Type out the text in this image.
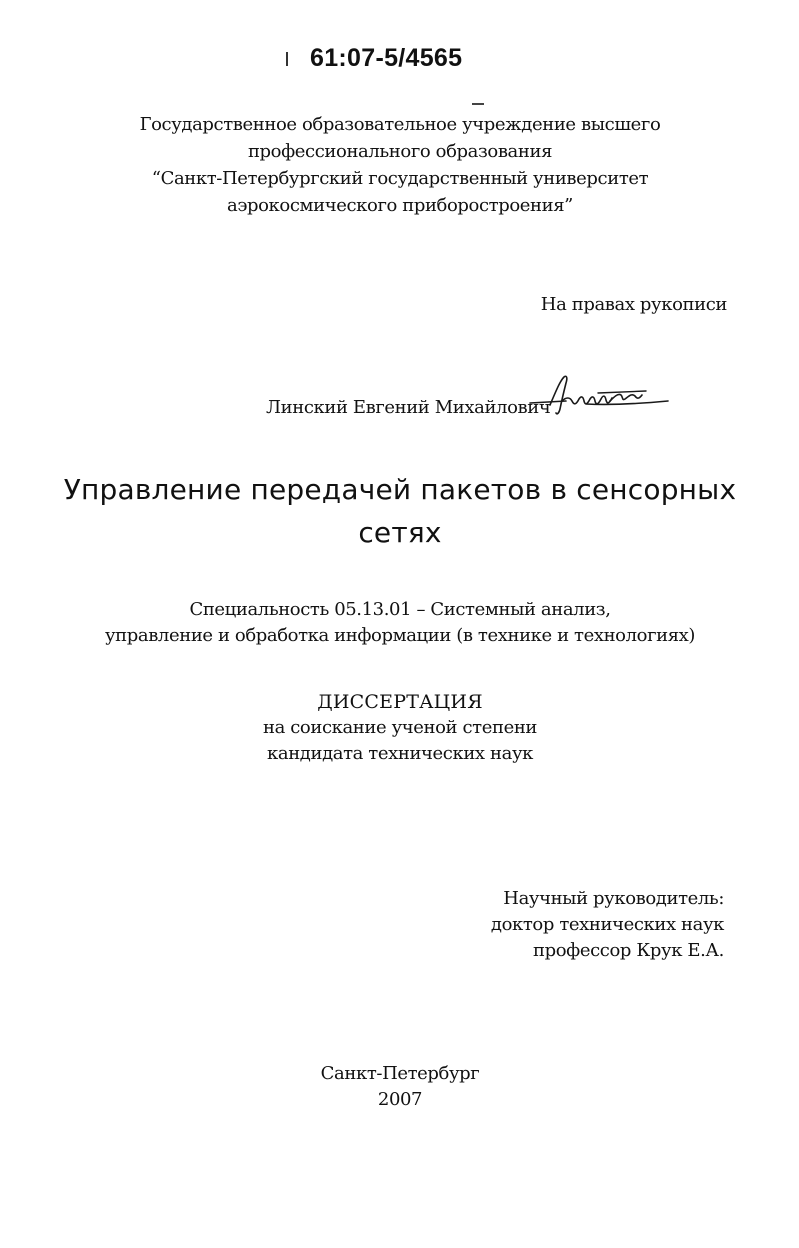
61:07-5/4565
Государственное образовательное учреждение высшего
профессионального образования
“Санкт-Петербургский государственный университет
аэрокосмического приборостроения”
На правах рукописи
Линский Евгений Михайлович
Управление передачей пакетов в сенсорных
сетях
Специальность 05.13.01 – Системный анализ,
управление и обработка информации (в технике и технологиях)
ДИССЕРТАЦИЯ
на соискание ученой степени
кандидата технических наук
Научный руководитель:
доктор технических наук
профессор Крук Е.А.
Санкт-Петербург
2007
